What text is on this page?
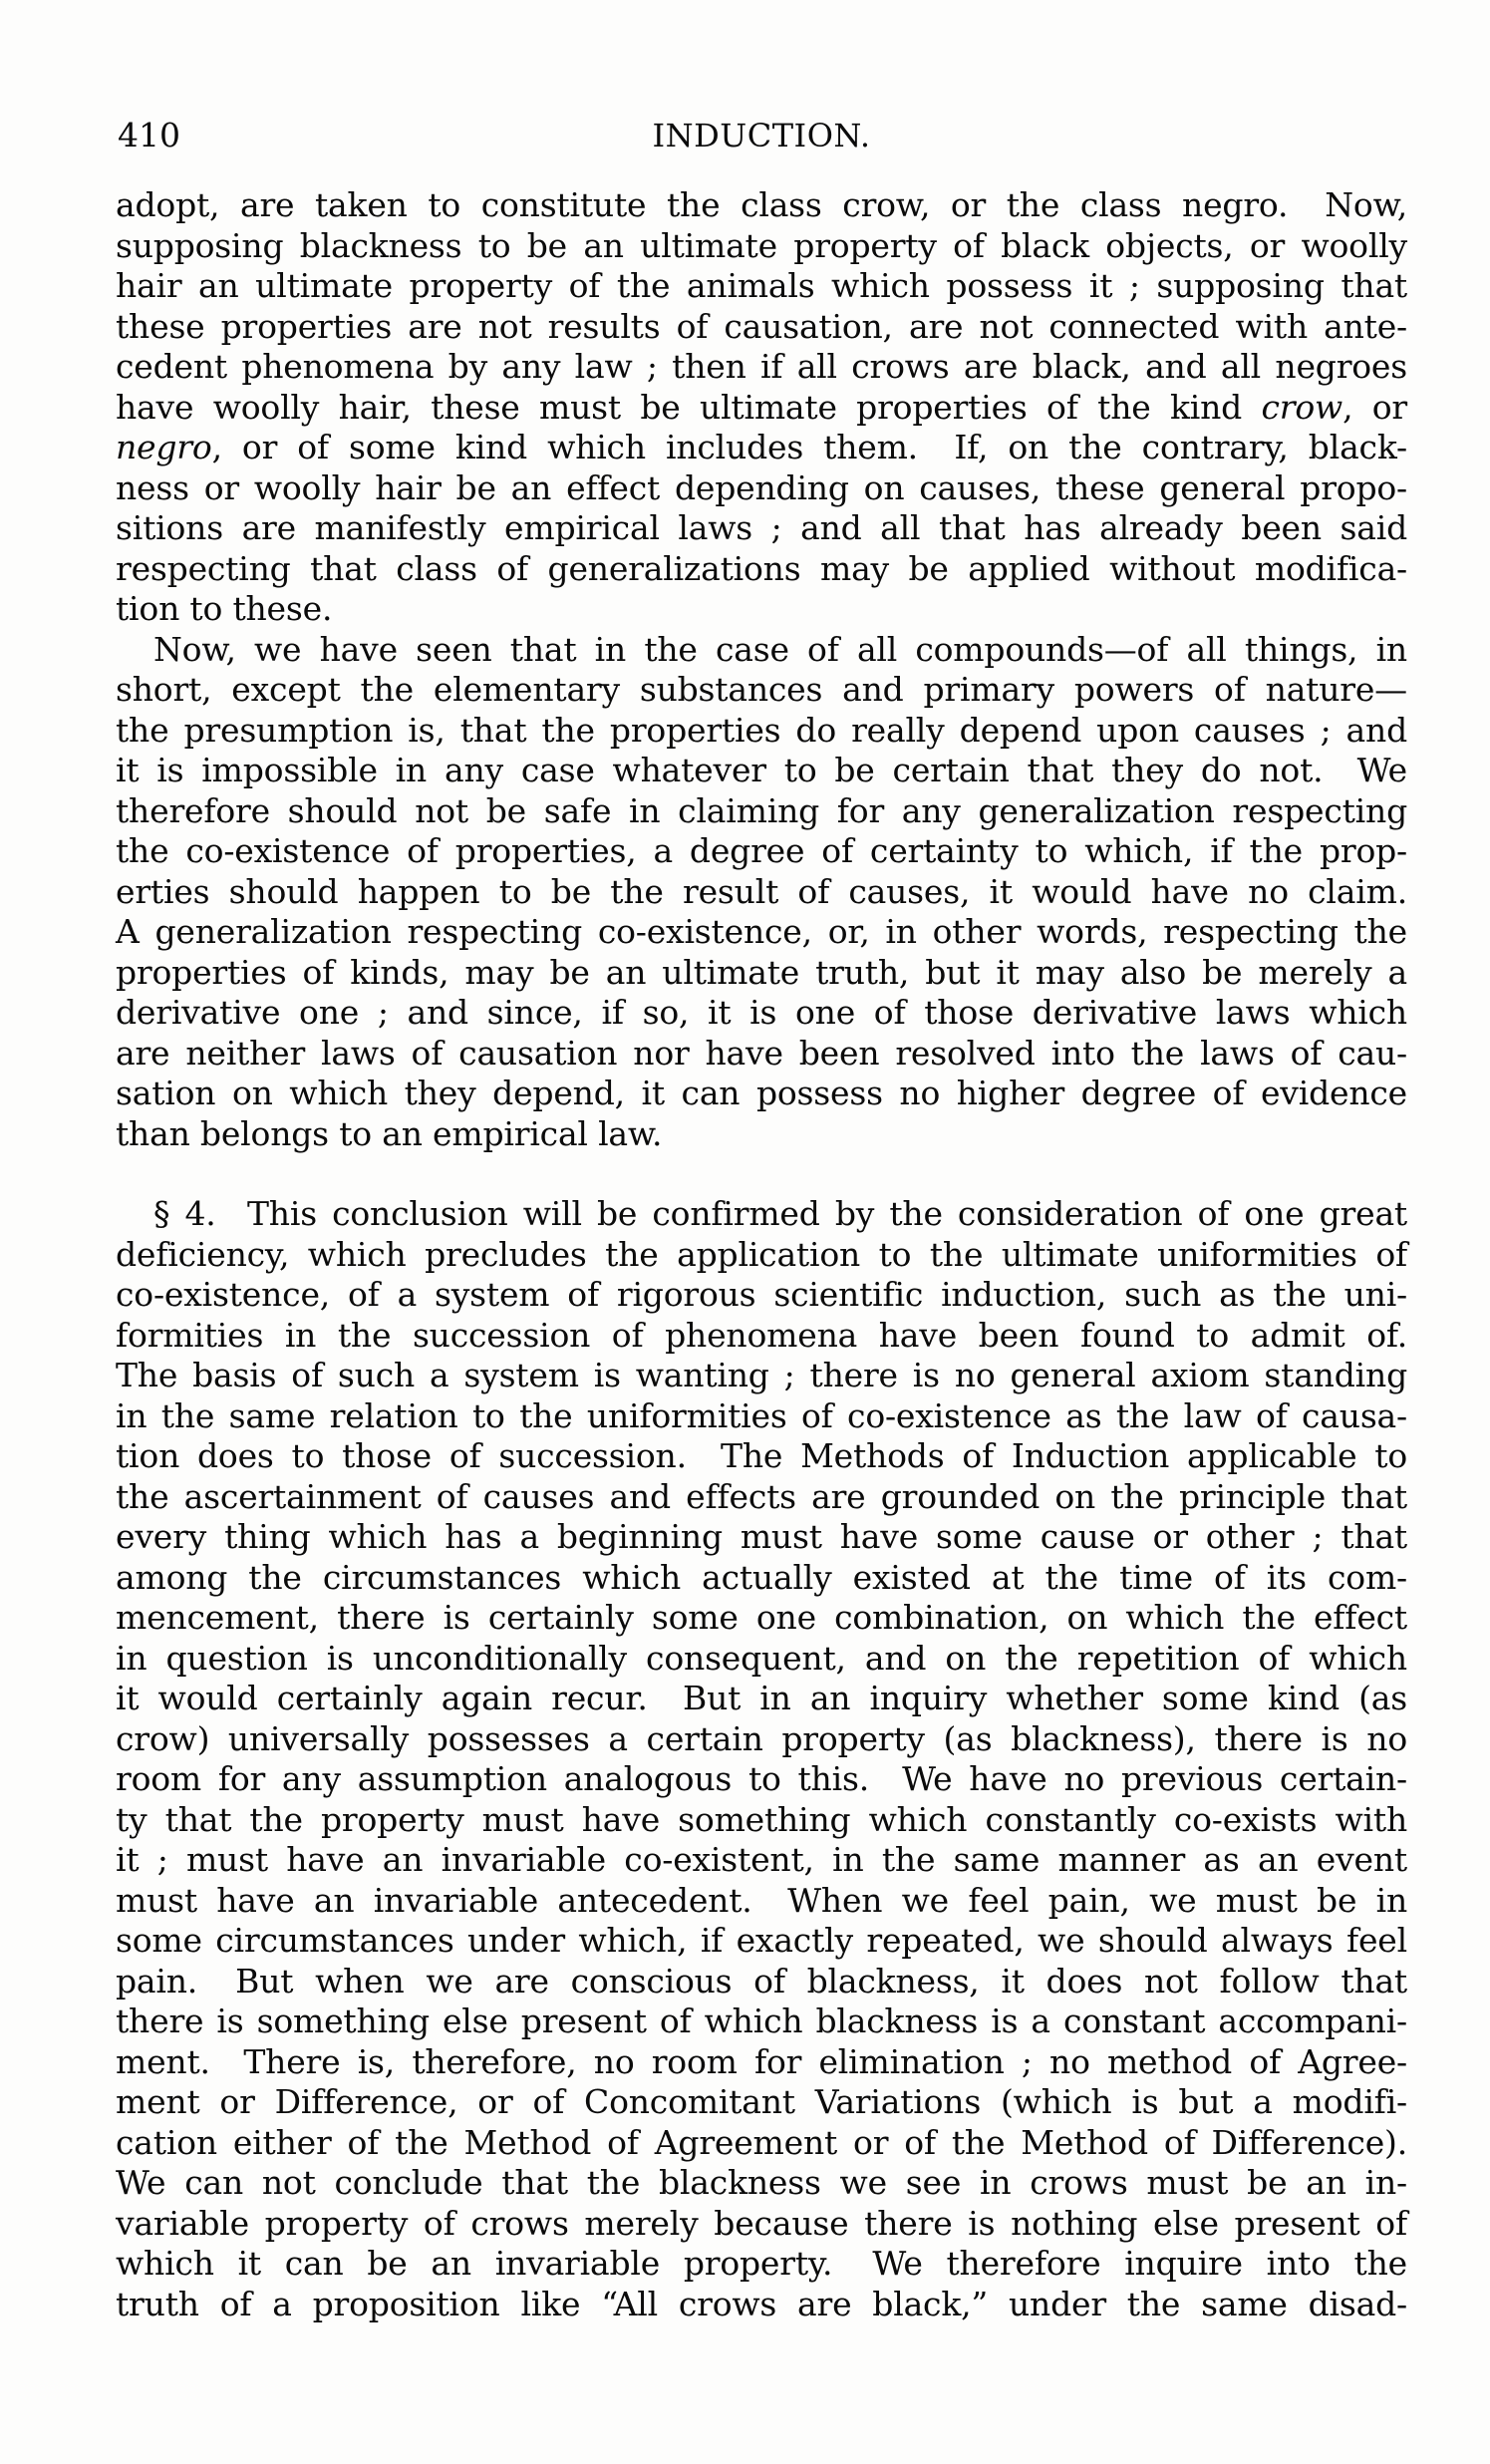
410	INDUCTION.
adopt, are taken to constitute the class crow, or the class negro.  Now,
supposing blackness to be an ultimate property of black objects, or woolly
hair an ultimate property of the animals which possess it ; supposing that
these properties are not results of causation, are not connected with ante-
cedent phenomena by any law ; then if all crows are black, and all negroes
have woolly hair, these must be ultimate properties of the kind crow, or
negro, or of some kind which includes them.  If, on the contrary, black-
ness or woolly hair be an effect depending on causes, these general propo-
sitions are manifestly empirical laws ; and all that has already been said
respecting that class of generalizations may be applied without modifica-
tion to these.
Now, we have seen that in the case of all compounds—of all things, in
short, except the elementary substances and primary powers of nature—
the presumption is, that the properties do really depend upon causes ; and
it is impossible in any case whatever to be certain that they do not.  We
therefore should not be safe in claiming for any generalization respecting
the co-existence of properties, a degree of certainty to which, if the prop-
erties should happen to be the result of causes, it would have no claim.
A generalization respecting co-existence, or, in other words, respecting the
properties of kinds, may be an ultimate truth, but it may also be merely a
derivative one ; and since, if so, it is one of those derivative laws which
are neither laws of causation nor have been resolved into the laws of cau-
sation on which they depend, it can possess no higher degree of evidence
than belongs to an empirical law.
§ 4.  This conclusion will be confirmed by the consideration of one great
deficiency, which precludes the application to the ultimate uniformities of
co-existence, of a system of rigorous scientific induction, such as the uni-
formities in the succession of phenomena have been found to admit of.
The basis of such a system is wanting ; there is no general axiom standing
in the same relation to the uniformities of co-existence as the law of causa-
tion does to those of succession.  The Methods of Induction applicable to
the ascertainment of causes and effects are grounded on the principle that
every thing which has a beginning must have some cause or other ; that
among the circumstances which actually existed at the time of its com-
mencement, there is certainly some one combination, on which the effect
in question is unconditionally consequent, and on the repetition of which
it would certainly again recur.  But in an inquiry whether some kind (as
crow) universally possesses a certain property (as blackness), there is no
room for any assumption analogous to this.  We have no previous certain-
ty that the property must have something which constantly co-exists with
it ; must have an invariable co-existent, in the same manner as an event
must have an invariable antecedent.  When we feel pain, we must be in
some circumstances under which, if exactly repeated, we should always feel
pain.  But when we are conscious of blackness, it does not follow that
there is something else present of which blackness is a constant accompani-
ment.  There is, therefore, no room for elimination ; no method of Agree-
ment or Difference, or of Concomitant Variations (which is but a modifi-
cation either of the Method of Agreement or of the Method of Difference).
We can not conclude that the blackness we see in crows must be an in-
variable property of crows merely because there is nothing else present of
which it can be an invariable property.  We therefore inquire into the
truth of a proposition like “All crows are black,” under the same disad-
